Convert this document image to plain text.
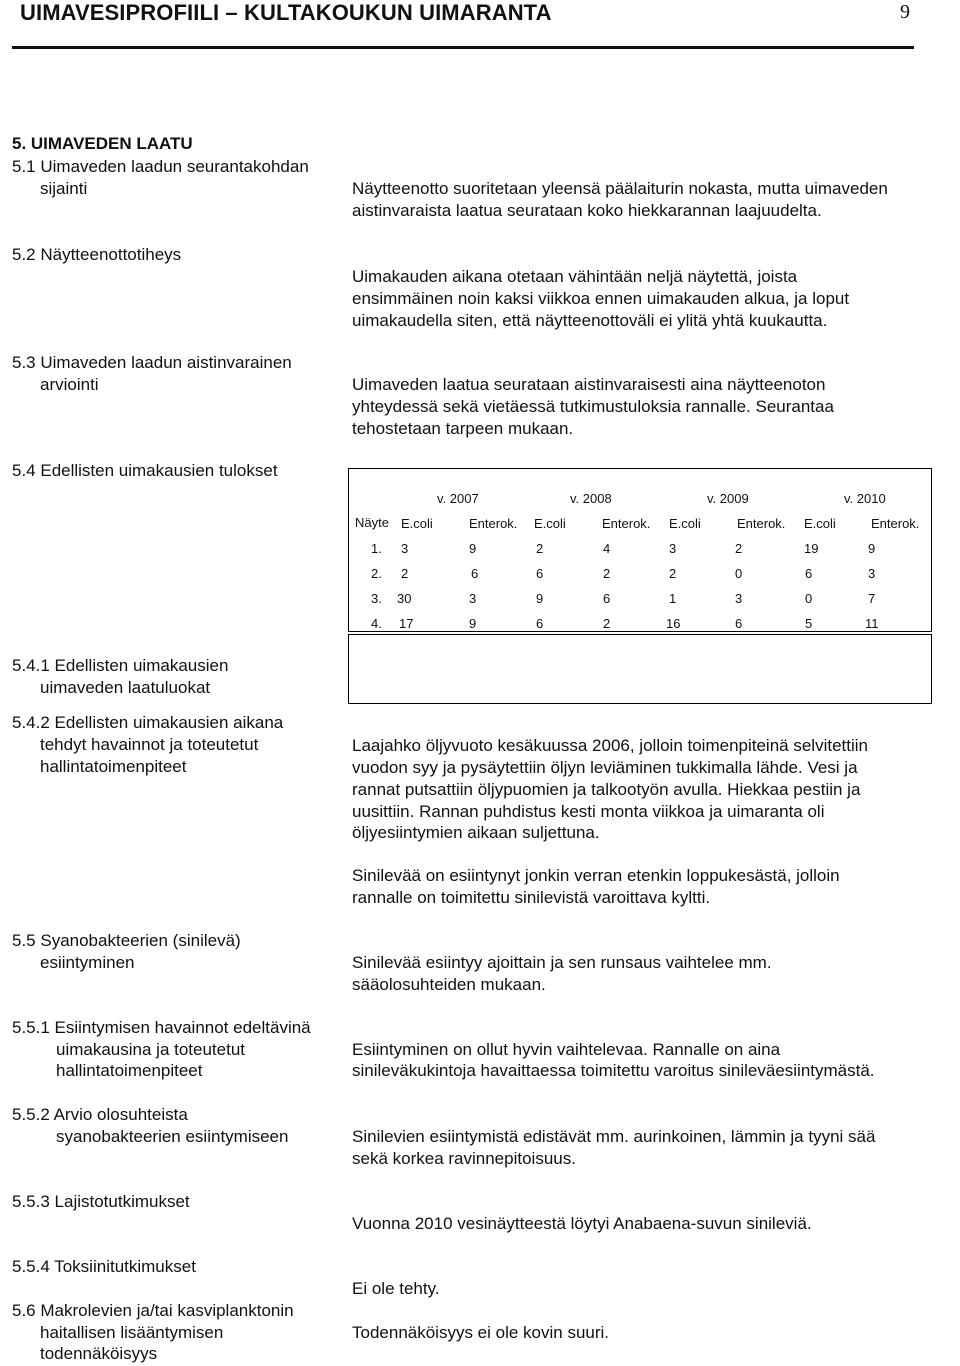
UIMAVESIPROFIILI – KULTAKOUKUN UIMARANTA	9
5. UIMAVEDEN LAATU
5.1 Uimaveden laadun seurantakohdan
sijainti	Näytteenotto suoritetaan yleensä päälaiturin nokasta, mutta uimaveden
aistinvaraista laatua seurataan koko hiekkarannan laajuudelta.
5.2 Näytteenottotiheys
Uimakauden aikana otetaan vähintään neljä näytettä, joista
ensimmäinen noin kaksi viikkoa ennen uimakauden alkua, ja loput
uimakaudella siten, että näytteenottoväli ei ylitä yhtä kuukautta.
5.3 Uimaveden laadun aistinvarainen
arviointi	Uimaveden laatua seurataan aistinvaraisesti aina näytteenoton
yhteydessä sekä vietäessä tutkimustuloksia rannalle. Seurantaa
tehostetaan tarpeen mukaan.
5.4 Edellisten uimakausien tulokset
v. 2007	v. 2008	v. 2009	v. 2010
Näyte E.coli	Enterok. E.coli	Enterok. E.coli	Enterok. E.coli	Enterok.
1. 3	9	2	4	3	2	19	9
2. 2	6	6	2	2	0	6	3
3. 30	3	9	6	1	3	0	7
4. 17	9	6	2	16	6	5	11
5.4.1 Edellisten uimakausien
uimaveden laatuluokat
5.4.2 Edellisten uimakausien aikana
tehdyt havainnot ja toteutetut
hallintatoimenpiteet
Laajahko öljyvuoto kesäkuussa 2006, jolloin toimenpiteinä selvitettiin
vuodon syy ja pysäytettiin öljyn leviäminen tukkimalla lähde. Vesi ja
rannat putsattiin öljypuomien ja talkootyön avulla. Hiekkaa pestiin ja
uusittiin. Rannan puhdistus kesti monta viikkoa ja uimaranta oli
öljyesiintymien aikaan suljettuna.
Sinilevää on esiintynyt jonkin verran etenkin loppukesästä, jolloin
rannalle on toimitettu sinilevistä varoittava kyltti.
5.5 Syanobakteerien (sinilevä)
esiintyminen	Sinilevää esiintyy ajoittain ja sen runsaus vaihtelee mm.
sääolosuhteiden mukaan.
5.5.1 Esiintymisen havainnot edeltävinä
uimakausina ja toteutetut
hallintatoimenpiteet
Esiintyminen on ollut hyvin vaihtelevaa. Rannalle on aina
sinileväkukintoja havaittaessa toimitettu varoitus sinileväesiintymästä.
5.5.2 Arvio olosuhteista
syanobakteerien esiintymiseen	Sinilevien esiintymistä edistävät mm. aurinkoinen, lämmin ja tyyni sää
sekä korkea ravinnepitoisuus.
5.5.3 Lajistotutkimukset
Vuonna 2010 vesinäytteestä löytyi Anabaena-suvun sinileviä.
5.5.4 Toksiinitutkimukset
Ei ole tehty.
5.6 Makrolevien ja/tai kasviplanktonin
haitallisen lisääntymisen
todennäköisyys
Todennäköisyys ei ole kovin suuri.
